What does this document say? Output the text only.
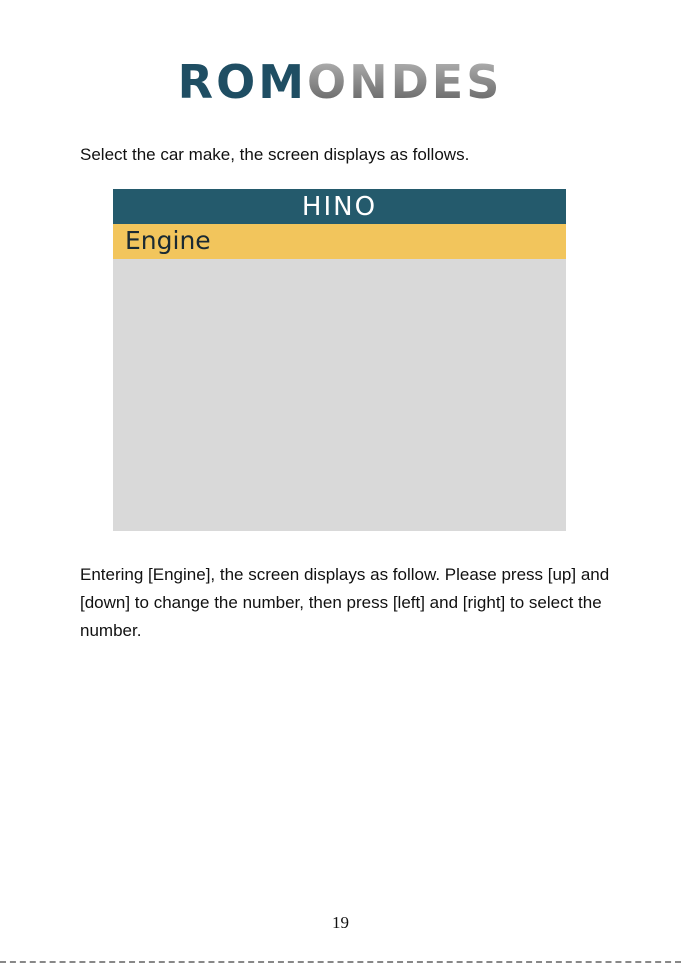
ROMONDES

Select the car make, the screen displays as follows.

HINO
Engine

Entering [Engine], the screen displays as follow. Please press [up] and [down] to change the number, then press [left] and [right] to select the number.

19
